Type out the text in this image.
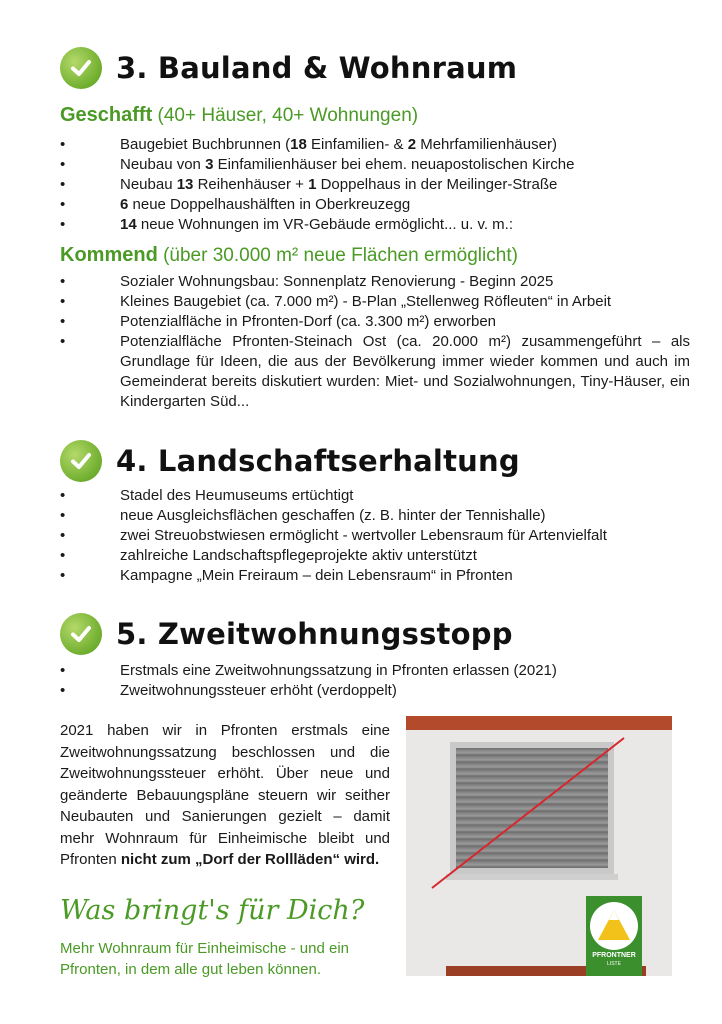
3. Bauland & Wohnraum
Geschafft (40+ Häuser, 40+ Wohnungen)
• Baugebiet Buchbrunnen (18 Einfamilien- & 2 Mehrfamilienhäuser)
• Neubau von 3 Einfamilienhäuser bei ehem. neuapostolischen Kirche
• Neubau 13 Reihenhäuser + 1 Doppelhaus in der Meilinger-Straße
• 6 neue Doppelhaushälften in Oberkreuzegg
• 14 neue Wohnungen im VR-Gebäude ermöglicht... u. v. m.:
Kommend (über 30.000 m² neue Flächen ermöglicht)
• Sozialer Wohnungsbau: Sonnenplatz Renovierung - Beginn 2025
• Kleines Baugebiet (ca. 7.000 m²) - B-Plan „Stellenweg Röfleuten“ in Arbeit
• Potenzialfläche in Pfronten-Dorf (ca. 3.300 m²) erworben
• Potenzialfläche Pfronten-Steinach Ost (ca. 20.000 m²) zusammengeführt – als Grundlage für Ideen, die aus der Bevölkerung immer wieder kommen und auch im Gemeinderat bereits diskutiert wurden: Miet- und Sozialwohnungen, Tiny-Häuser, ein Kindergarten Süd...
4. Landschaftserhaltung
• Stadel des Heumuseums ertüchtigt
• neue Ausgleichsflächen geschaffen (z. B. hinter der Tennishalle)
• zwei Streuobstwiesen ermöglicht - wertvoller Lebensraum für Artenvielfalt
• zahlreiche Landschaftspflegeprojekte aktiv unterstützt
• Kampagne „Mein Freiraum – dein Lebensraum“ in Pfronten
5. Zweitwohnungsstopp
• Erstmals eine Zweitwohnungssatzung in Pfronten erlassen (2021)
• Zweitwohnungssteuer erhöht (verdoppelt)
2021 haben wir in Pfronten erstmals eine Zweitwohnungssatzung beschlossen und die Zweitwohnungssteuer erhöht. Über neue und geänderte Bebauungspläne steuern wir seither Neubauten und Sanierungen gezielt – damit mehr Wohnraum für Einheimische bleibt und Pfronten nicht zum „Dorf der Rollläden“ wird.
Was bringt's für Dich?
Mehr Wohnraum für Einheimische - und ein Pfronten, in dem alle gut leben können.
PFRONTNER
LISTE
